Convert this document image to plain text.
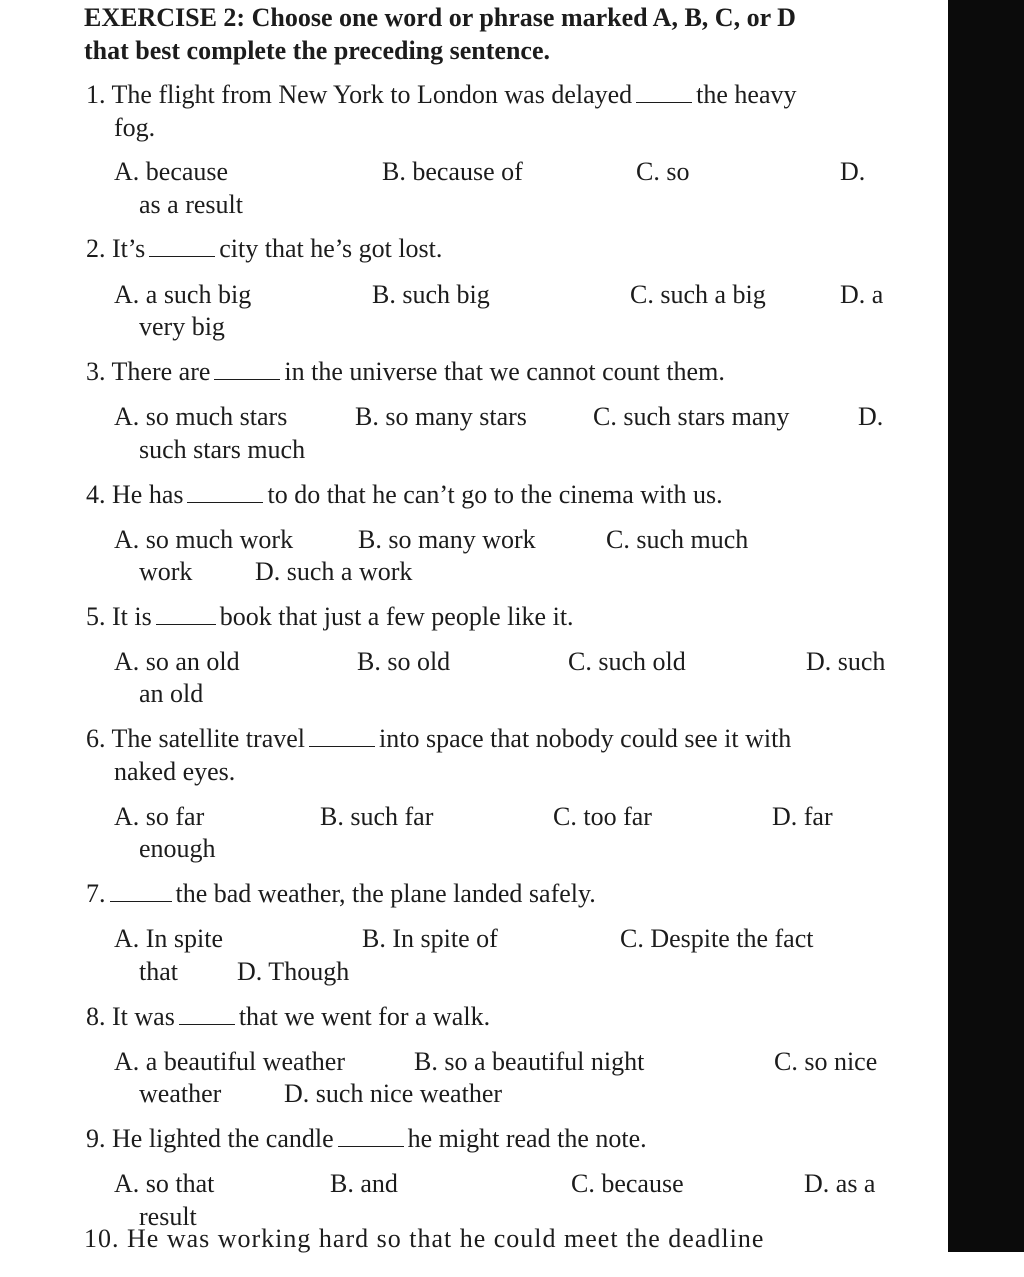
EXERCISE 2: Choose one word or phrase marked A, B, C, or D
that best complete the preceding sentence.
1. The flight from New York to London was delayed the heavy
fog.
A. because	B. because of	C. so	D.
as a result
2. It’s	city that he’s got lost.
A. a such big	B. such big	C. such a big	D. a
very big
3. There are	in the universe that we cannot count them.
A. so much stars	B. so many stars	C. such stars many	D.
such stars much
4. He has	to do that he can’t go to the cinema with us.
A. so much work B. so many work	C. such much
work D. such a work
5. It is	book that just a few people like it.
A. so an old	B. so old	C. such old	D. such
an old
6. The satellite travel	into space that nobody could see it with
naked eyes.
A. so far	B. such far	C. too far	D. far
enough
7.	the bad weather, the plane landed safely.
A. In spite	B. In spite of	C. Despite the fact
that D. Though
8. It was that we went for a walk.
A. a beautiful weather	B. so a beautiful night	C. so nice
weather D. such nice weather
9. He lighted the candle	he might read the note.
A. so that	B. and	C. because	D. as a
result
10. He was working hard so that he could meet the deadline
